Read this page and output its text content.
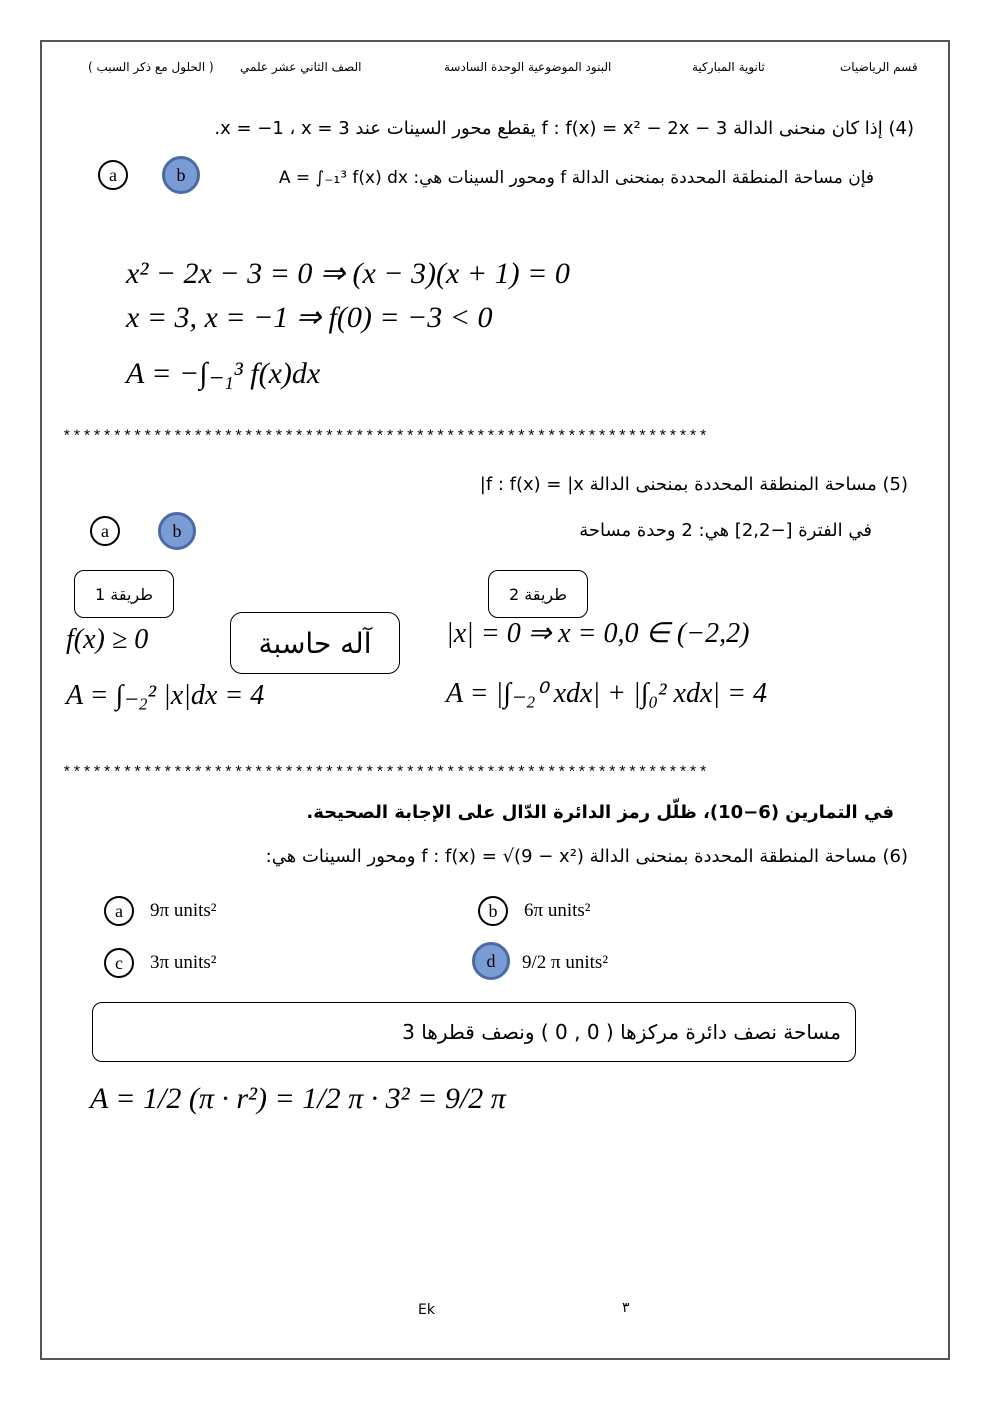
قسم الرياضيات
ثانوية المباركية
البنود الموضوعية الوحدة السادسة
الصف الثاني عشر علمي
( الحلول مع ذكر السبب )
(4) إذا كان منحنى الدالة f : f(x) = x² − 2x − 3 يقطع محور السينات عند x = −1 ، x = 3.
a	b	فإن مساحة المنطقة المحددة بمنحنى الدالة f ومحور السينات هي: A = ∫₋₁³ f(x) dx
x² − 2x − 3 = 0 ⇒ (x − 3)(x + 1) = 0
x = 3, x = −1 ⇒ f(0) = −3 < 0
A = −∫₋₁³ f(x)dx
****************************************************************
(5) مساحة المنطقة المحددة بمنحنى الدالة f : f(x) = |x|
a	b	في الفترة [−2,2] هي: 2 وحدة مساحة
طريقة 1	طريقة 2
آله حاسبة
f(x) ≥ 0
A = ∫₋₂² |x|dx = 4
|x| = 0 ⇒ x = 0,0 ∈ (−2,2)
A = |∫₋₂⁰ xdx| + |∫₀² xdx| = 4
****************************************************************
في التمارين (6−10)، ظلّل رمز الدائرة الدّال على الإجابة الصحيحة.
(6) مساحة المنطقة المحددة بمنحنى الدالة f : f(x) = √(9 − x²) ومحور السينات هي:
a 9π units²	b 6π units²
c 3π units²	d 9/2 π units²
مساحة نصف دائرة مركزها ( 0 , 0 ) ونصف قطرها 3
A = 1/2 (π · r²) = 1/2 π · 3² = 9/2 π
Ek	٣
